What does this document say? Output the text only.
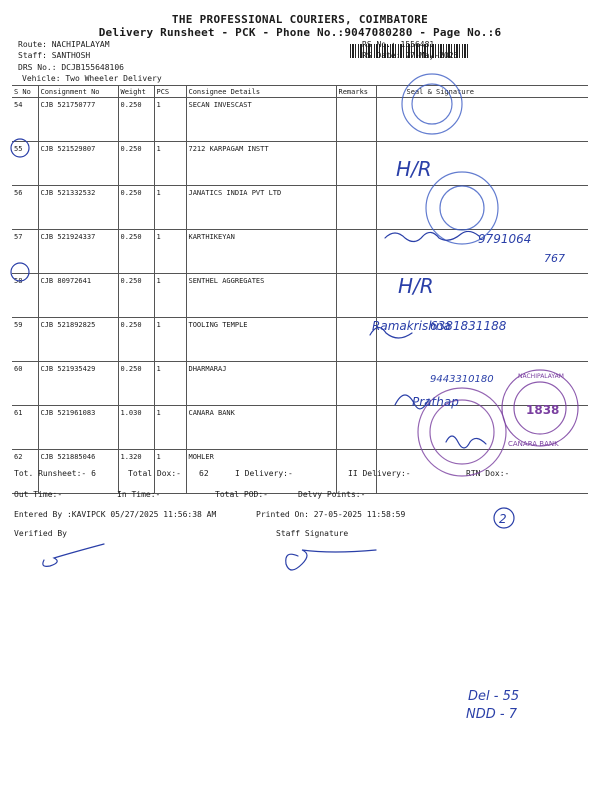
THE PROFESSIONAL COURIERS, COIMBATORE
Delivery Runsheet - PCK - Phone No.:9047080280 - Page No.:6
Route: NACHIPALAYAM
Staff: SANTHOSH
DRS No.: DCJB155648106
Vehicle: Two Wheeler Delivery
RS No.: 1556481
RS Date: 27-May-2025
S No	Consignment No	Weight	PCS	Consignee Details	Remarks	Seal & Signature
54	CJB 521750777	0.250	1	SECAN INVESCAST		
55	CJB 521529807	0.250	1	7212 KARPAGAM INSTT		
56	CJB 521332532	0.250	1	JANATICS INDIA PVT LTD		
57	CJB 521924337	0.250	1	KARTHIKEYAN		
58	CJB 80972641	0.250	1	SENTHEL AGGREGATES		
59	CJB 521892825	0.250	1	TOOLING TEMPLE		
60	CJB 521935429	0.250	1	DHARMARAJ		
61	CJB 521961083	1.030	1	CANARA BANK		
62	CJB 521885046	1.320	1	MOHLER		
Tot. Runsheet:- 6	Total Dox:- 62	I Delivery:-	II Delivery:-	RTN Dox:-
Out Time:-	In Time:-	Total POD:-	Delvy Points:-
Entered By :KAVIPCK 05/27/2025 11:56:38 AM	Printed On: 27-05-2025 11:58:59
Verified By	Staff Signature
H/R
9791064
767
H/R
Ramakrishna
6381831188
9443310180
Prathap
2
Del - 55
NDD - 7
1838
CANARA BANK
NACHIPALAYAM
